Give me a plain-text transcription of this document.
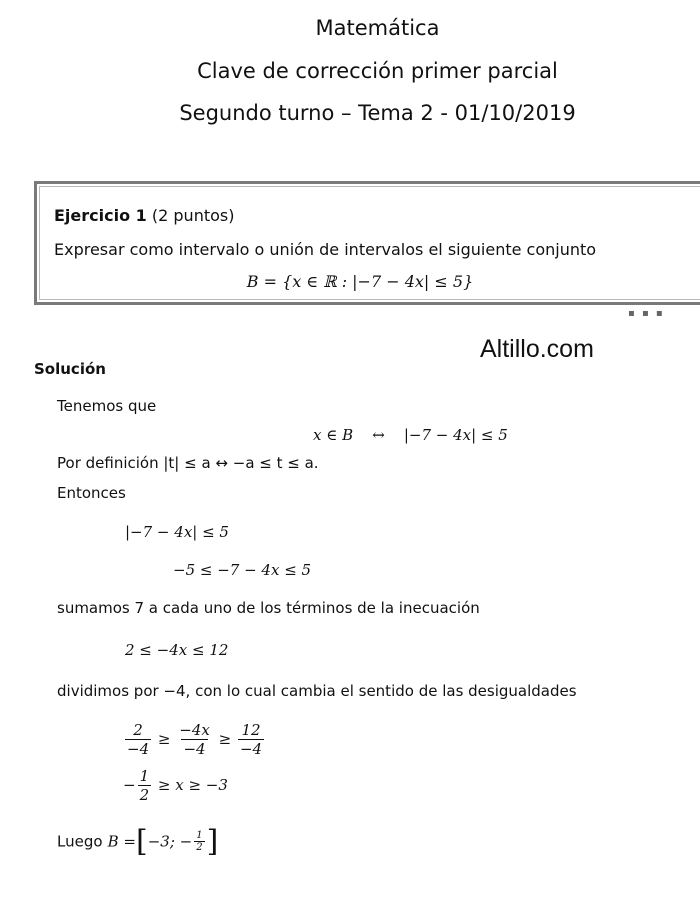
Matemática
Clave de corrección primer parcial
Segundo turno – Tema 2 - 01/10/2019
Ejercicio 1 (2 puntos)
Expresar como intervalo o unión de intervalos el siguiente conjunto
B = {x ∈ ℝ : |−7 − 4x| ≤ 5}
▪ ▪ ▪
Altillo.com
Solución
Tenemos que
x ∈ B    ↔    |−7 − 4x| ≤ 5
Por definición |t| ≤ a ↔ −a ≤ t ≤ a.
Entonces
|−7 − 4x| ≤ 5
−5 ≤ −7 − 4x ≤ 5
sumamos 7 a cada uno de los términos de la inecuación
2 ≤ −4x ≤ 12
dividimos por −4, con lo cual cambia el sentido de las desigualdades
$\frac{2}{-4} \ge \frac{-4x}{-4} \ge \frac{12}{-4}$
− $\frac{1}{2} \ge x \ge -3$
Luego B =[−3; − $\frac{1}{2}$ ]
